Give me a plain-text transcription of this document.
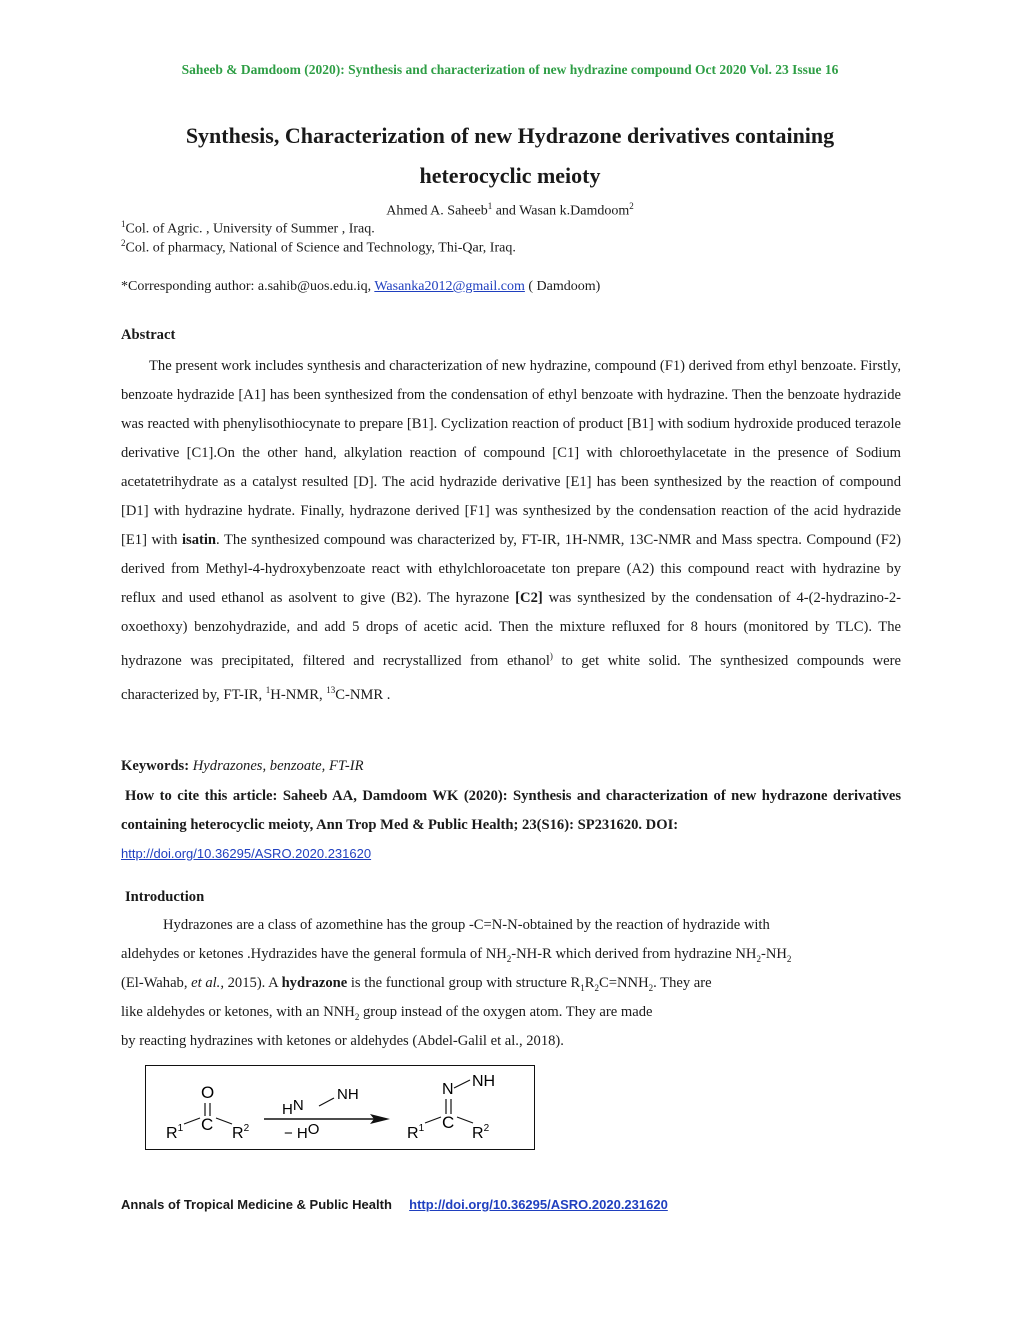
Saheeb & Damdoom (2020): Synthesis and characterization of new hydrazine compound Oct 2020 Vol. 23 Issue 16
Synthesis, Characterization of new Hydrazone derivatives containing
heterocyclic meioty
Ahmed A. Saheeb$^1$ and Wasan k.Damdoom$^2$
$^1$Col. of Agric. , University of Summer , Iraq.
$^2$Col. of pharmacy, National of Science and Technology, Thi-Qar, Iraq.
*Corresponding author: a.sahib@uos.edu.iq, Wasanka2012@gmail.com ( Damdoom)
Abstract

The present work includes synthesis and characterization of new hydrazine, compound (F1) derived from ethyl benzoate. Firstly, benzoate hydrazide [A1] has been synthesized from the condensation of ethyl benzoate with hydrazine. Then the benzoate hydrazide was reacted with phenylisothiocynate to prepare [B1]. Cyclization reaction of product [B1] with sodium hydroxide produced terazole derivative [C1].On the other hand, alkylation reaction of compound [C1] with chloroethylacetate in the presence of Sodium acetatetrihydrate as a catalyst resulted [D]. The acid hydrazide derivative [E1] has been synthesized by the reaction of compound [D1] with hydrazine hydrate. Finally, hydrazone derived [F1] was synthesized by the condensation reaction of the acid hydrazide [E1] with isatin. The synthesized compound was characterized by, FT-IR, 1H-NMR, 13C-NMR and Mass spectra. Compound (F2) derived from Methyl-4-hydroxybenzoate react with ethylchloroacetate ton prepare (A2) this compound react with hydrazine by reflux and used ethanol as asolvent to give (B2). The hyrazone [C2] was synthesized by the condensation of 4-(2-hydrazino-2-oxoethoxy) benzohydrazide, and add 5 drops of acetic acid. Then the mixture refluxed for 8 hours (monitored by TLC). The hydrazone was precipitated, filtered and recrystallized from ethanol) to get white solid. The synthesized compounds were characterized by, FT-IR, $^1$H-NMR, $^{13}$C-NMR .

Keywords: Hydrazones, benzoate, FT-IR
How to cite this article: Saheeb AA, Damdoom WK (2020): Synthesis and characterization of new hydrazone derivatives containing heterocyclic meioty, Ann Trop Med & Public Health; 23(S16): SP231620. DOI:
http://doi.org/10.36295/ASRO.2020.231620
Introduction
Hydrazones are a class of azomethine has the group -C=N-N-obtained by the reaction of hydrazide with
aldehydes or ketones .Hydrazides have the general formula of $NH_2-NH-R$ which derived from hydrazine $NH_2-NH_2$
(El-Wahab, et al., 2015). A hydrazone is the functional group with structure $R_1R_2C=NNH_2$. They are
like aldehydes or ketones, with an $NNH_2$ group instead of the oxygen atom. They are made
by reacting hydrazines with ketones or aldehydes (Abdel-Galil et al., 2018).
O
C
$R^1$	$R^2$
HN
NH
− HO
N NH
C
$R^1$	$R^2$
Annals of Tropical Medicine & Public Health http://doi.org/10.36295/ASRO.2020.231620
